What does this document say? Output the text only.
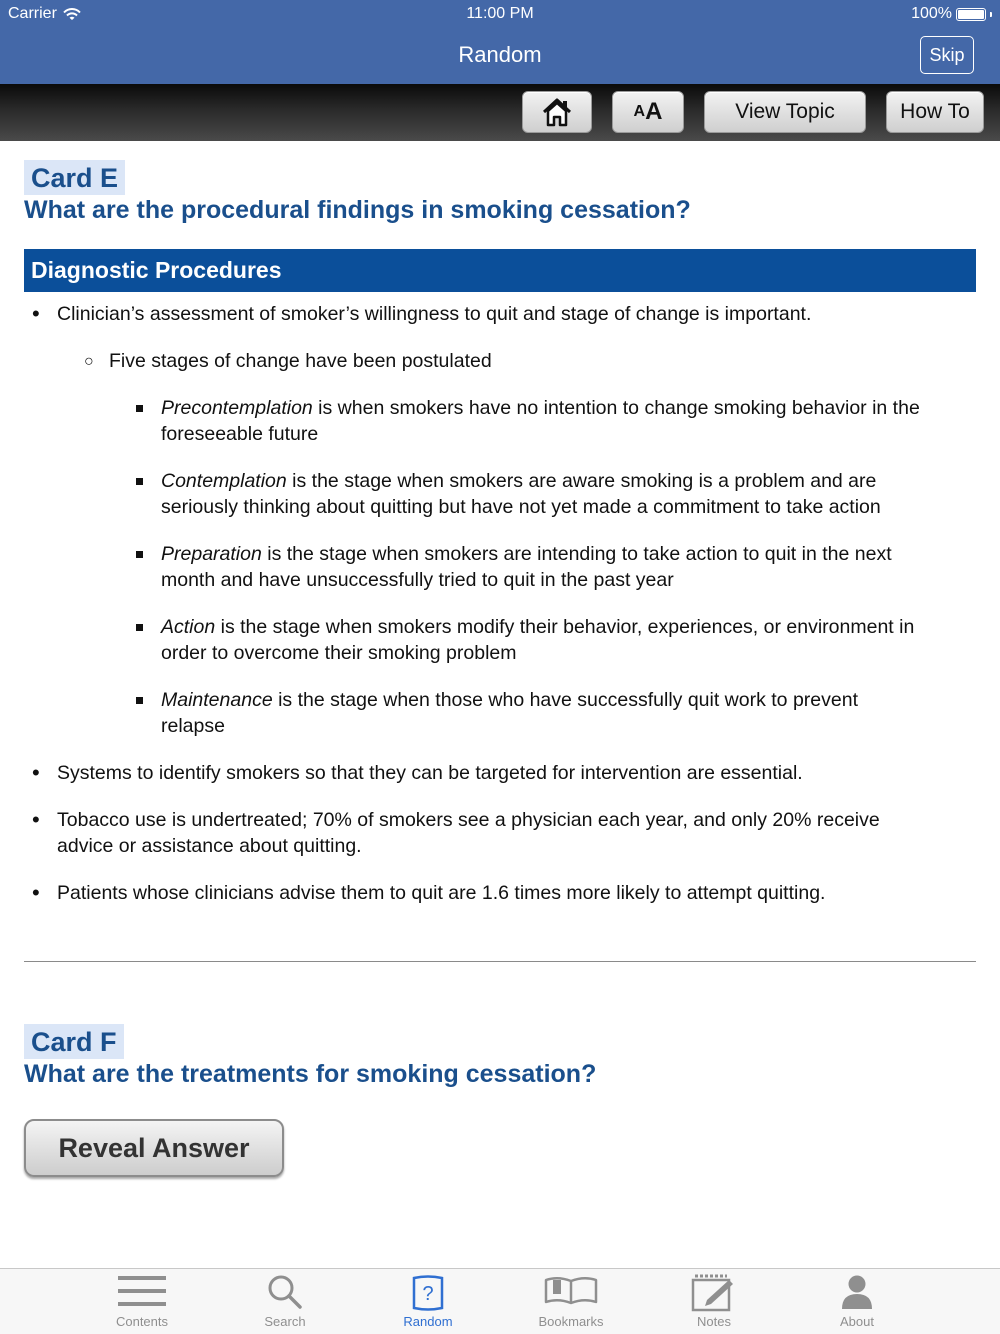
Carrier	11:00 PM	100%
Random	Skip
A A	View Topic	How To
Card E
What are the procedural findings in smoking cessation?
Diagnostic Procedures
• Clinician’s assessment of smoker’s willingness to quit and stage of change is important.
○ Five stages of change have been postulated
Precontemplation is when smokers have no intention to change smoking behavior in the
foreseeable future
Contemplation is the stage when smokers are aware smoking is a problem and are
seriously thinking about quitting but have not yet made a commitment to take action
Preparation is the stage when smokers are intending to take action to quit in the next
month and have unsuccessfully tried to quit in the past year
Action is the stage when smokers modify their behavior, experiences, or environment in
order to overcome their smoking problem
Maintenance is the stage when those who have successfully quit work to prevent
relapse
• Systems to identify smokers so that they can be targeted for intervention are essential.
• Tobacco use is undertreated; 70% of smokers see a physician each year, and only 20% receive
advice or assistance about quitting.
• Patients whose clinicians advise them to quit are 1.6 times more likely to attempt quitting.
Card F
What are the treatments for smoking cessation?
Reveal Answer
Contents	Search
?
Random	Bookmarks	Notes	About
